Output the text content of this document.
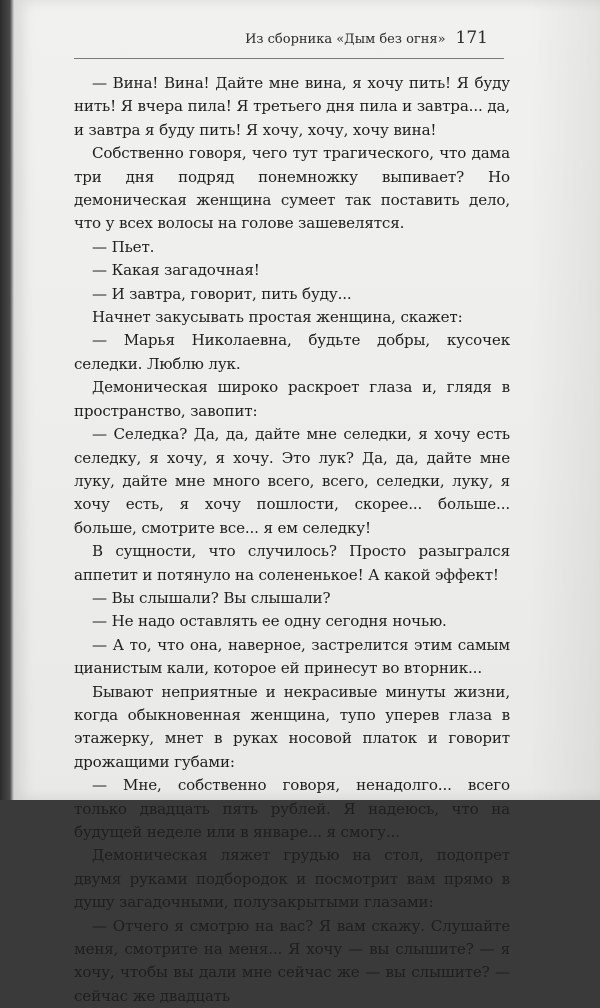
Из сборника «Дым без огня» 171

— Вина! Вина! Дайте мне вина, я хочу пить! Я буду нить! Я вчера пила! Я третьего дня пила и завтра... да, и завтра я буду пить! Я хочу, хочу, хочу вина!

Собственно говоря, чего тут трагического, что дама три дня подряд понемножку выпивает? Но демоническая женщина сумеет так поставить дело, что у всех волосы на голове зашевелятся.

— Пьет.

— Какая загадочная!

— И завтра, говорит, пить буду...

Начнет закусывать простая женщина, скажет:

— Марья Николаевна, будьте добры, кусочек селедки. Люблю лук.

Демоническая широко раскроет глаза и, глядя в пространство, завопит:

— Селедка? Да, да, дайте мне селедки, я хочу есть селедку, я хочу, я хочу. Это лук? Да, да, дайте мне луку, дайте мне много всего, всего, селедки, луку, я хочу есть, я хочу пошлости, скорее... больше... больше, смотрите все... я ем селедку!

В сущности, что случилось? Просто разыгрался аппетит и потянуло на солененькое! А какой эффект!

— Вы слышали? Вы слышали?

— Не надо оставлять ее одну сегодня ночью.

— А то, что она, наверное, застрелится этим самым цианистым кали, которое ей принесут во вторник...

Бывают неприятные и некрасивые минуты жизни, когда обыкновенная женщина, тупо уперев глаза в этажерку, мнет в руках носовой платок и говорит дрожащими губами:

— Мне, собственно говоря, ненадолго... всего только двадцать пять рублей. Я надеюсь, что на будущей неделе или в январе... я смогу...

Демоническая ляжет грудью на стол, подопрет двумя руками подбородок и посмотрит вам прямо в душу загадочными, полузакрытыми глазами:

— Отчего я смотрю на вас? Я вам скажу. Слушайте меня, смотрите на меня... Я хочу — вы слышите? — я хочу, чтобы вы дали мне сейчас же — вы слышите? — сейчас же двадцать
